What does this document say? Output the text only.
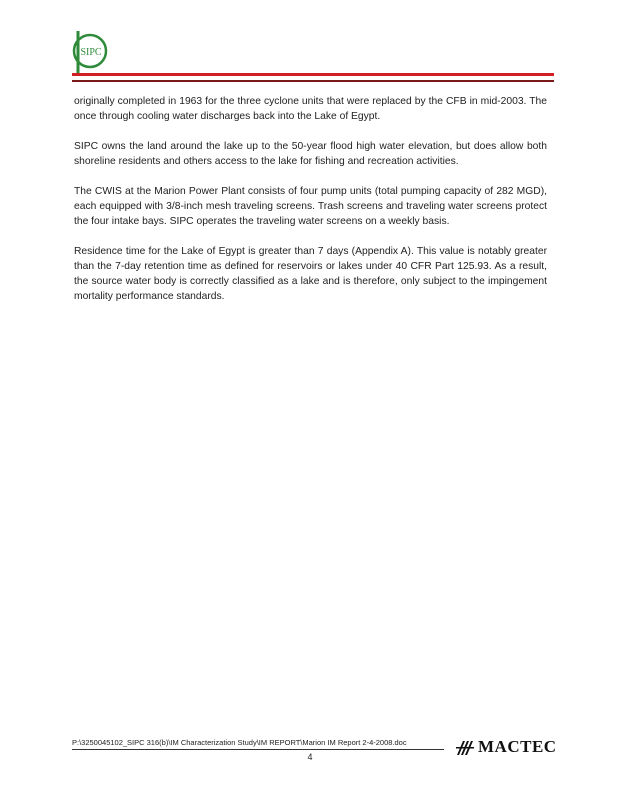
SIPC

originally completed in 1963 for the three cyclone units that were replaced by the CFB in mid-2003. The once through cooling water discharges back into the Lake of Egypt.

SIPC owns the land around the lake up to the 50-year flood high water elevation, but does allow both shoreline residents and others access to the lake for fishing and recreation activities.

The CWIS at the Marion Power Plant consists of four pump units (total pumping capacity of 282 MGD), each equipped with 3/8-inch mesh traveling screens. Trash screens and traveling water screens protect the four intake bays. SIPC operates the traveling water screens on a weekly basis.

Residence time for the Lake of Egypt is greater than 7 days (Appendix A). This value is notably greater than the 7-day retention time as defined for reservoirs or lakes under 40 CFR Part 125.93. As a result, the source water body is correctly classified as a lake and is therefore, only subject to the impingement mortality performance standards.

P:\3250045102_SIPC 316(b)\IM Characterization Study\IM REPORT\Marion IM Report 2-4-2008.doc
4
MACTEC
